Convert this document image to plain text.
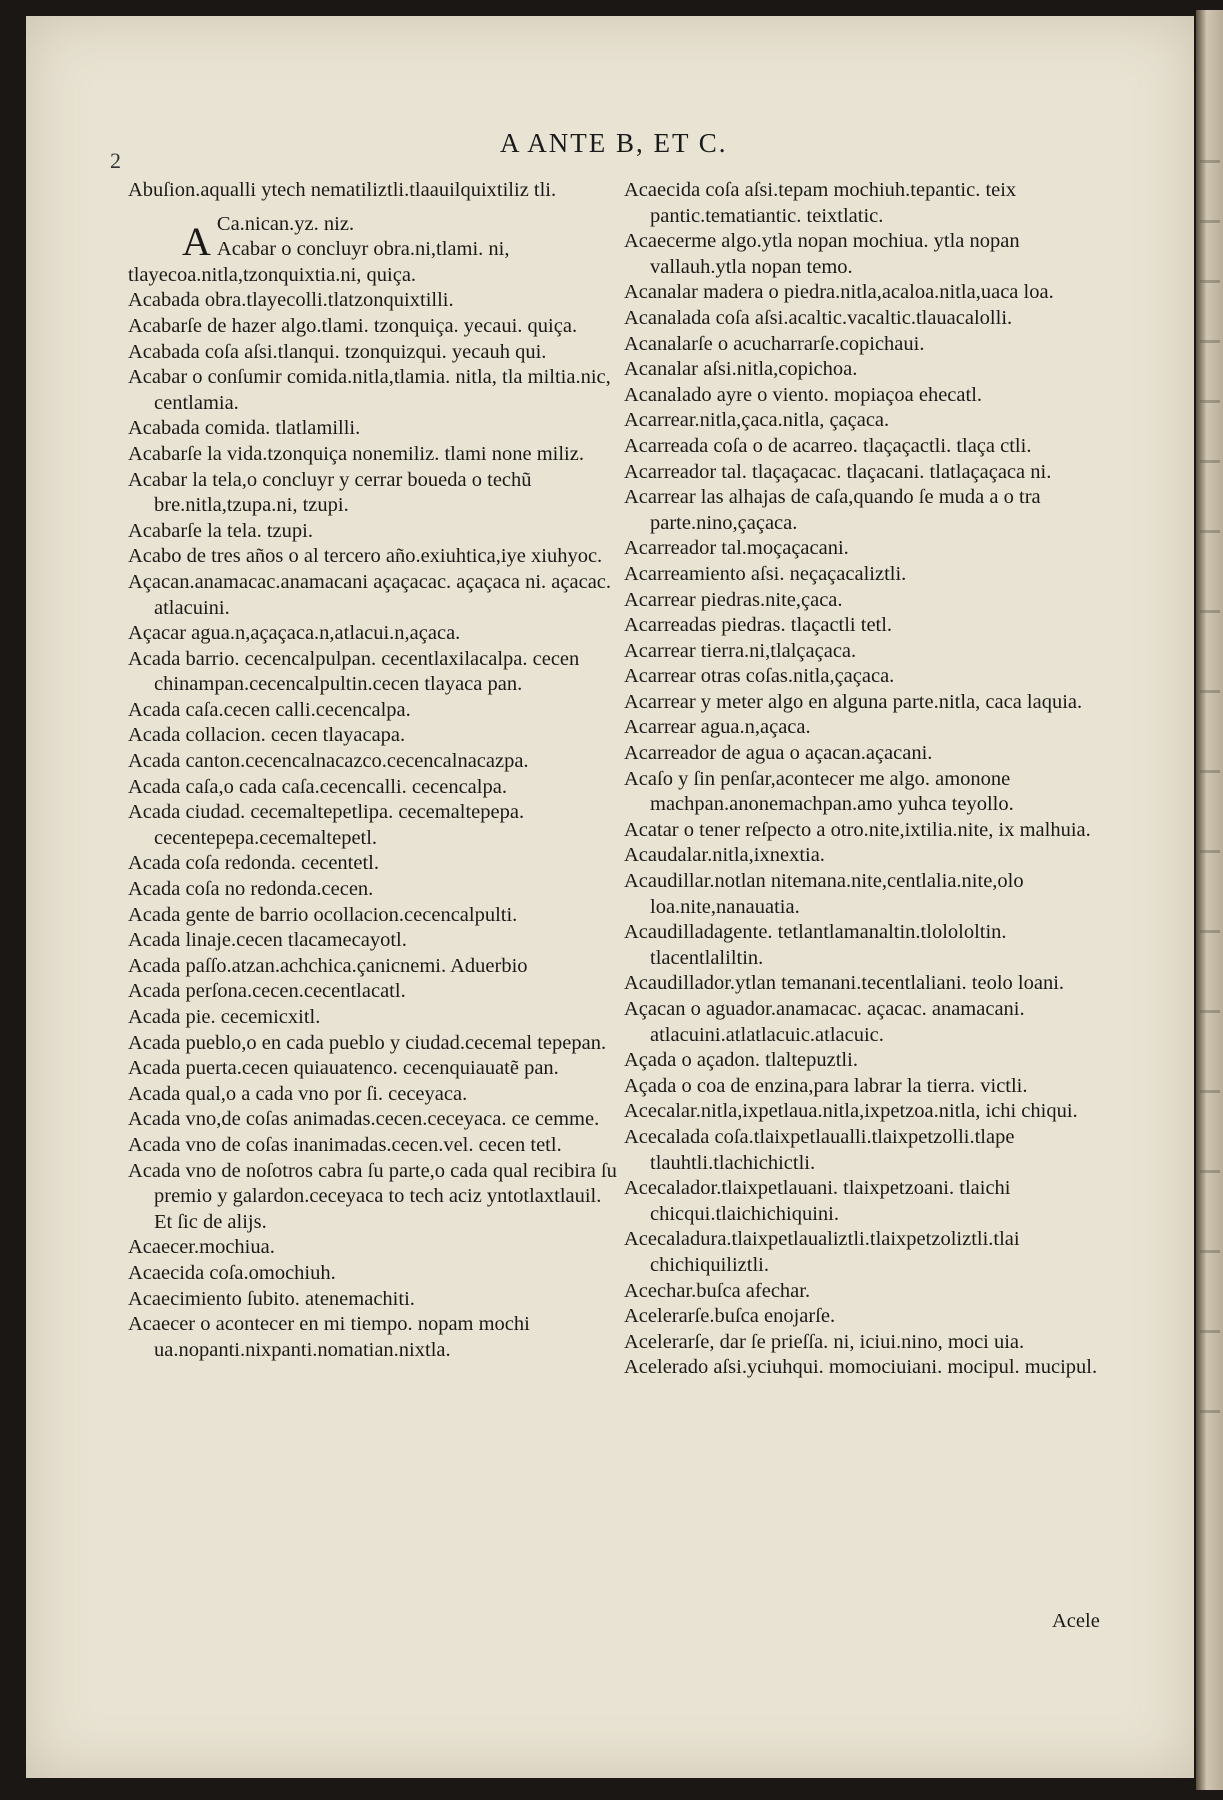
2
A ANTE B, ET C.

Abuſion.aqualli ytech nematiliztli.tlaauilquixtiliz tli.

A Ca.nican.yz. niz.

Acabar o concluyr obra.ni,tlami. ni, tlayecoa.nitla,tzonquixtia.ni, quiça.

Acabada obra.tlayecolli.tlatzonquixtilli.

Acabarſe de hazer algo.tlami. tzonquiça. yecaui. quiça.

Acabada coſa aſsi.tlanqui. tzonquizqui. yecauh qui.

Acabar o conſumir comida.nitla,tlamia. nitla, tla miltia.nic, centlamia.

Acabada comida. tlatlamilli.

Acabarſe la vida.tzonquiça nonemiliz. tlami none miliz.

Acabar la tela,o concluyr y cerrar boueda o techũ bre.nitla,tzupa.ni, tzupi.

Acabarſe la tela. tzupi.

Acabo de tres años o al tercero año.exiuhtica,iye xiuhyoc.

Açacan.anamacac.anamacani açaçacac. açaçaca ni. açacac. atlacuini.

Açacar agua.n,açaçaca.n,atlacui.n,açaca.

Acada barrio. cecencalpulpan. cecentlaxilacalpa. cecen chinampan.cecencalpultin.cecen tlayaca pan.

Acada caſa.cecen calli.cecencalpa.

Acada collacion. cecen tlayacapa.

Acada canton.cecencalnacazco.cecencalnacazpa.

Acada caſa,o cada caſa.cecencalli. cecencalpa.

Acada ciudad. cecemaltepetlipa. cecemaltepepa. cecentepepa.cecemaltepetl.

Acada coſa redonda. cecentetl.

Acada coſa no redonda.cecen.

Acada gente de barrio ocollacion.cecencalpulti.

Acada linaje.cecen tlacamecayotl.

Acada paſſo.atzan.achchica.çanicnemi. Aduerbio

Acada perſona.cecen.cecentlacatl.

Acada pie. cecemicxitl.

Acada pueblo,o en cada pueblo y ciudad.cecemal tepepan.

Acada puerta.cecen quiauatenco. cecenquiauatẽ pan.

Acada qual,o a cada vno por ſi. ceceyaca.

Acada vno,de coſas animadas.cecen.ceceyaca. ce cemme.

Acada vno de coſas inanimadas.cecen.vel. cecen tetl.

Acada vno de noſotros cabra ſu parte,o cada qual recibira ſu premio y galardon.ceceyaca to tech aciz yntotlaxtlauil. Et ſic de alijs.

Acaecer.mochiua.

Acaecida coſa.omochiuh.

Acaecimiento ſubito. atenemachiti.

Acaecer o acontecer en mi tiempo. nopam mochi ua.nopanti.nixpanti.nomatian.nixtla.

Acaecida coſa aſsi.tepam mochiuh.tepantic. teix pantic.tematiantic. teixtlatic.

Acaecerme algo.ytla nopan mochiua. ytla nopan vallauh.ytla nopan temo.

Acanalar madera o piedra.nitla,acaloa.nitla,uaca loa.

Acanalada coſa aſsi.acaltic.vacaltic.tlauacalolli.

Acanalarſe o acucharrarſe.copichaui.

Acanalar aſsi.nitla,copichoa.

Acanalado ayre o viento. mopiaçoa ehecatl.

Acarrear.nitla,çaca.nitla, çaçaca.

Acarreada coſa o de acarreo. tlaçaçactli. tlaça ctli.

Acarreador tal. tlaçaçacac. tlaçacani. tlatlaçaçaca ni.

Acarrear las alhajas de caſa,quando ſe muda a o tra parte.nino,çaçaca.

Acarreador tal.moçaçacani.

Acarreamiento aſsi. neçaçacaliztli.

Acarrear piedras.nite,çaca.

Acarreadas piedras. tlaçactli tetl.

Acarrear tierra.ni,tlalçaçaca.

Acarrear otras coſas.nitla,çaçaca.

Acarrear y meter algo en alguna parte.nitla, caca laquia.

Acarrear agua.n,açaca.

Acarreador de agua o açacan.açacani.

Acaſo y ſin penſar,acontecer me algo. amonone machpan.anonemachpan.amo yuhca teyollo.

Acatar o tener reſpecto a otro.nite,ixtilia.nite, ix malhuia.

Acaudalar.nitla,ixnextia.

Acaudillar.notlan nitemana.nite,centlalia.nite,olo loa.nite,nanauatia.

Acaudilladagente. tetlantlamanaltin.tlolololtin. tlacentlaliltin.

Acaudillador.ytlan temanani.tecentlaliani. teolo loani.

Açacan o aguador.anamacac. açacac. anamacani. atlacuini.atlatlacuic.atlacuic.

Açada o açadon. tlaltepuztli.

Açada o coa de enzina,para labrar la tierra. victli.

Acecalar.nitla,ixpetlaua.nitla,ixpetzoa.nitla, ichi chiqui.

Acecalada coſa.tlaixpetlaualli.tlaixpetzolli.tlape tlauhtli.tlachichictli.

Acecalador.tlaixpetlauani. tlaixpetzoani. tlaichi chicqui.tlaichichiquini.

Acecaladura.tlaixpetlaualiztli.tlaixpetzoliztli.tlai chichiquiliztli.

Acechar.buſca afechar.

Acelerarſe.buſca enojarſe.

Acelerarſe, dar ſe prieſſa. ni, iciui.nino, moci uia.

Acelerado aſsi.yciuhqui. momociuiani. mocipul. mucipul.

Acele
